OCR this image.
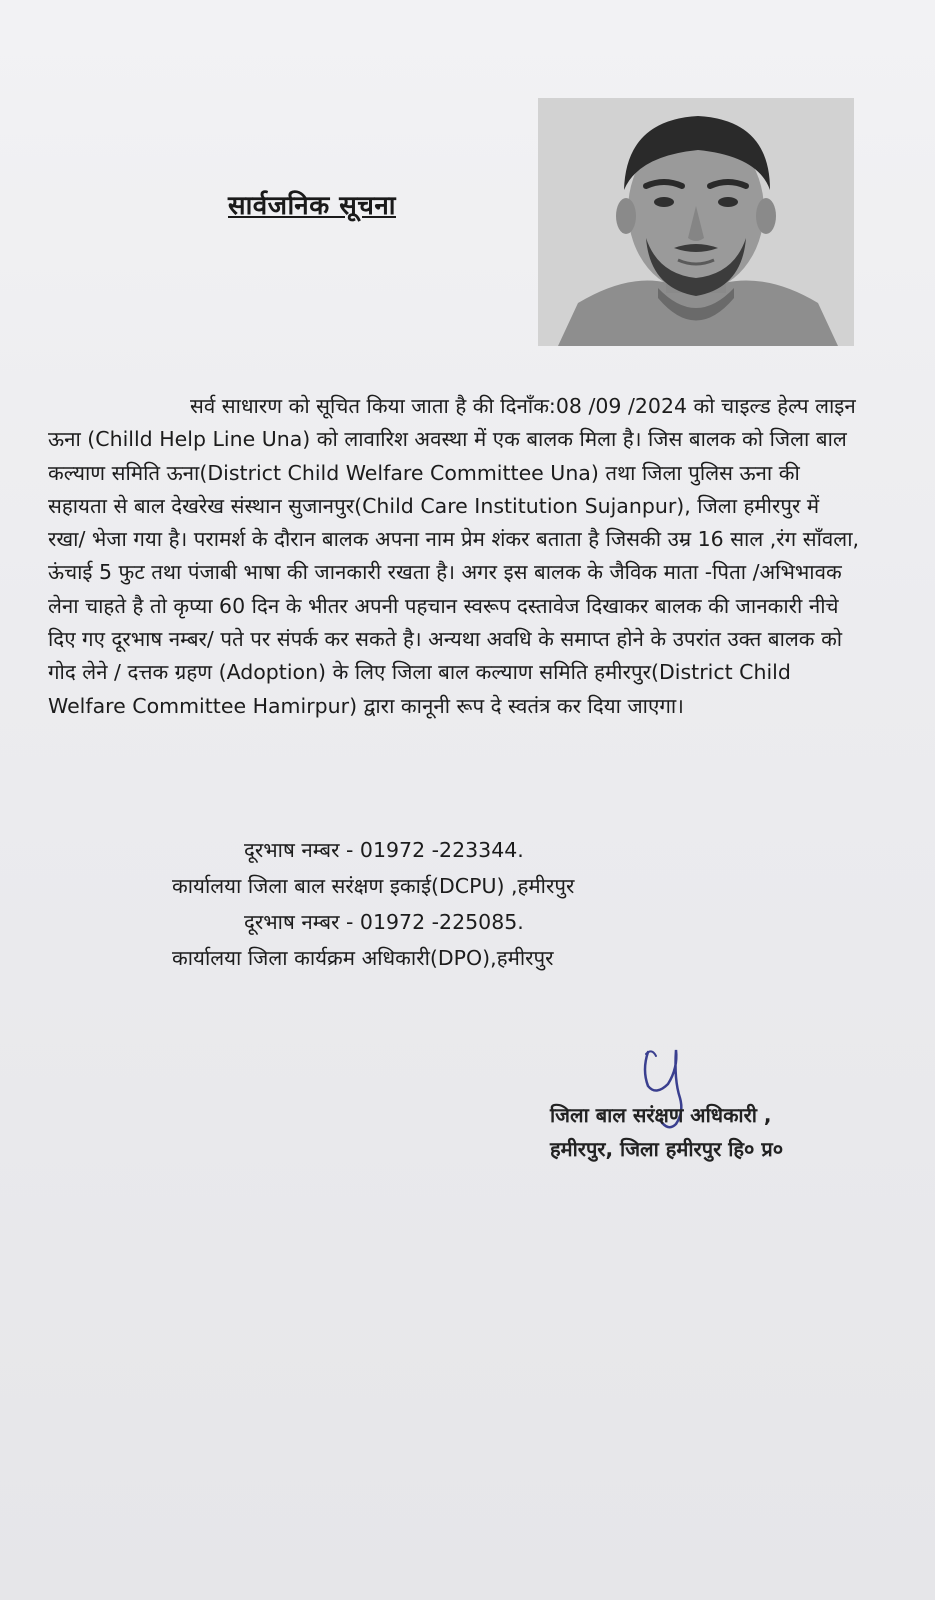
सार्वजनिक सूचना

सर्व साधारण को सूचित किया जाता है की दिनाँक:08 /09 /2024 को चाइल्ड हेल्प लाइन ऊना (Chilld Help Line Una) को लावारिश अवस्था में एक बालक मिला है। जिस बालक को जिला बाल कल्याण समिति ऊना(District Child Welfare Committee Una) तथा जिला पुलिस ऊना की सहायता से बाल देखरेख संस्थान सुजानपुर(Child Care Institution Sujanpur), जिला हमीरपुर में रखा/ भेजा गया है। परामर्श के दौरान बालक अपना नाम प्रेम शंकर बताता है जिसकी उम्र 16 साल ,रंग साँवला, ऊंचाई 5 फुट तथा पंजाबी भाषा की जानकारी रखता है। अगर इस बालक के जैविक माता -पिता /अभिभावक लेना चाहते है तो कृप्या 60 दिन के भीतर अपनी पहचान स्वरूप दस्तावेज दिखाकर बालक की जानकारी नीचे दिए गए दूरभाष नम्बर/ पते पर संपर्क कर सकते है। अन्यथा अवधि के समाप्त होने के उपरांत उक्त बालक को गोद लेने / दत्तक ग्रहण (Adoption) के लिए जिला बाल कल्याण समिति हमीरपुर(District Child Welfare Committee Hamirpur) द्वारा कानूनी रूप दे स्वतंत्र कर दिया जाएगा।

दूरभाष नम्बर - 01972 -223344.
कार्यालया जिला बाल सरंक्षण इकाई(DCPU) ,हमीरपुर
दूरभाष नम्बर - 01972 -225085.
कार्यालया जिला कार्यक्रम अधिकारी(DPO),हमीरपुर
जिला बाल सरंक्षण अधिकारी ,
हमीरपुर, जिला हमीरपुर हि० प्र०
